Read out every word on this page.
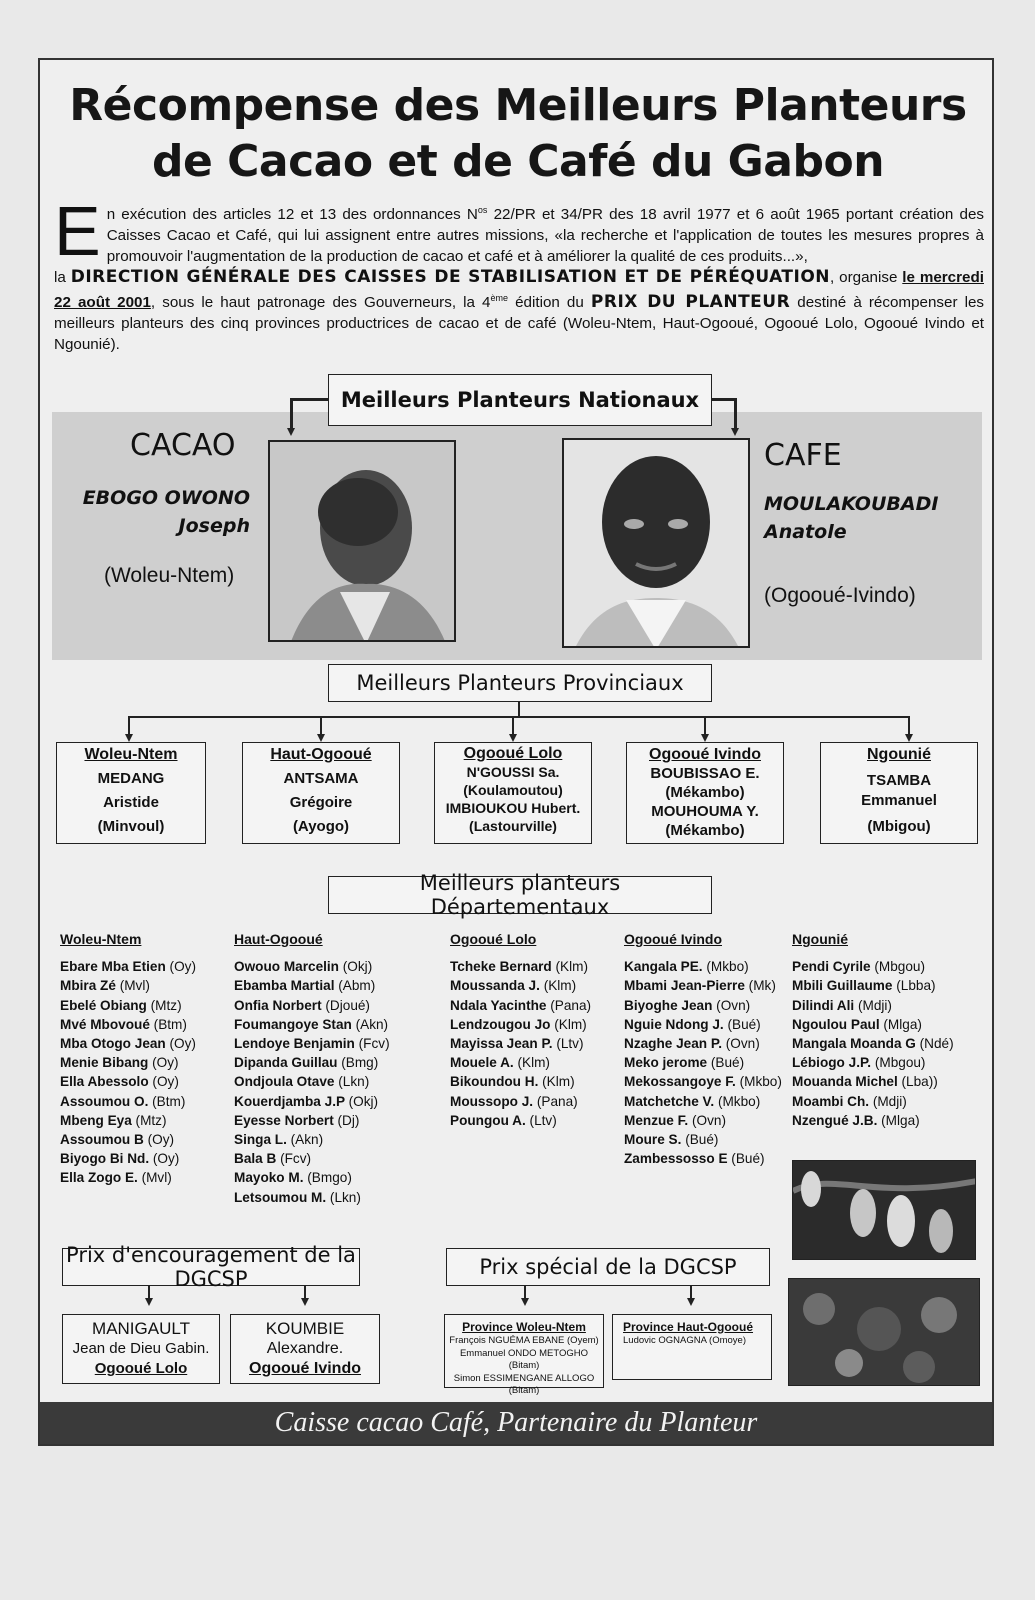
Récompense des Meilleurs Planteurs
de Cacao et de Café du Gabon
En exécution des articles 12 et 13 des ordonnances $N^{os}$ 22/PR et 34/PR des 18 avril 1977 et 6 août 1965 portant création des Caisses Cacao et Café, qui lui assignent entre autres missions, «la recherche et l'application de toutes les mesures propres à promouvoir l'augmentation de la production de cacao et café et à améliorer la qualité de ces produits...»,
la DIRECTION GÉNÉRALE DES CAISSES DE STABILISATION ET DE PÉRÉQUATION, organise le mercredi 22 août 2001, sous le haut patronage des Gouverneurs, la 4ème édition du PRIX DU PLANTEUR destiné à récompenser les meilleurs planteurs des cinq provinces productrices de cacao et de café (Woleu-Ntem, Haut-Ogooué, Ogooué Lolo, Ogooué Ivindo et Ngounié).
Meilleurs Planteurs Nationaux
CACAO
EBOGO OWONO
Joseph
(Woleu-Ntem)
CAFE
MOULAKOUBADI
Anatole
(Ogooué-Ivindo)
Meilleurs Planteurs Provinciaux
Woleu-Ntem
MEDANG
Aristide
(Minvoul)
Haut-Ogooué
ANTSAMA
Grégoire
(Ayogo)
Ogooué Lolo
N'GOUSSI Sa.
(Koulamoutou)
IMBIOUKOU Hubert.
(Lastourville)
Ogooué Ivindo
BOUBISSAO E.
(Mékambo)
MOUHOUMA Y.
(Mékambo)
Ngounié
TSAMBA
Emmanuel
(Mbigou)
Meilleurs planteurs Départementaux
Woleu-Ntem
Ebare Mba Etien (Oy)
Mbira Zé (Mvl)
Ebelé Obiang (Mtz)
Mvé Mbovoué (Btm)
Mba Otogo Jean (Oy)
Menie Bibang (Oy)
Ella Abessolo (Oy)
Assoumou O. (Btm)
Mbeng Eya (Mtz)
Assoumou B (Oy)
Biyogo Bi Nd. (Oy)
Ella Zogo E. (Mvl)
Haut-Ogooué
Owouo Marcelin (Okj)
Ebamba Martial (Abm)
Onfia Norbert (Djoué)
Foumangoye Stan (Akn)
Lendoye Benjamin (Fcv)
Dipanda Guillau (Bmg)
Ondjoula Otave (Lkn)
Kouerdjamba J.P (Okj)
Eyesse Norbert (Dj)
Singa L. (Akn)
Bala B (Fcv)
Mayoko M. (Bmgo)
Letsoumou M. (Lkn)
Ogooué Lolo
Tcheke Bernard (Klm)
Moussanda J. (Klm)
Ndala Yacinthe (Pana)
Lendzougou Jo (Klm)
Mayissa Jean P. (Ltv)
Mouele A. (Klm)
Bikoundou H. (Klm)
Moussopo J. (Pana)
Poungou A. (Ltv)
Ogooué Ivindo
Kangala PE. (Mkbo)
Mbami Jean-Pierre (Mk)
Biyoghe Jean (Ovn)
Nguie Ndong J. (Bué)
Nzaghe Jean P. (Ovn)
Meko jerome (Bué)
Mekossangoye F. (Mkbo)
Matchetche V. (Mkbo)
Menzue F. (Ovn)
Moure S. (Bué)
Zambessosso E (Bué)
Ngounié
Pendi Cyrile (Mbgou)
Mbili Guillaume (Lbba)
Dilindi Ali (Mdji)
Ngoulou Paul (Mlga)
Mangala Moanda G (Ndé)
Lébiogo J.P. (Mbgou)
Mouanda Michel (Lba))
Moambi Ch. (Mdji)
Nzengué J.B. (Mlga)
Prix d'encouragement de la DGCSP
MANIGAULT
Jean de Dieu Gabin.
Ogooué Lolo
KOUMBIE
Alexandre.
Ogooué Ivindo
Prix spécial de la DGCSP
Province Woleu-Ntem
François NGUÉMA EBANE (Oyem)
Emmanuel ONDO METOGHO (Bitam)
Simon ESSIMENGANE ALLOGO (Bitam)
Province Haut-Ogooué
Ludovic OGNAGNA (Omoye)
Caisse cacao Café, Partenaire du Planteur
